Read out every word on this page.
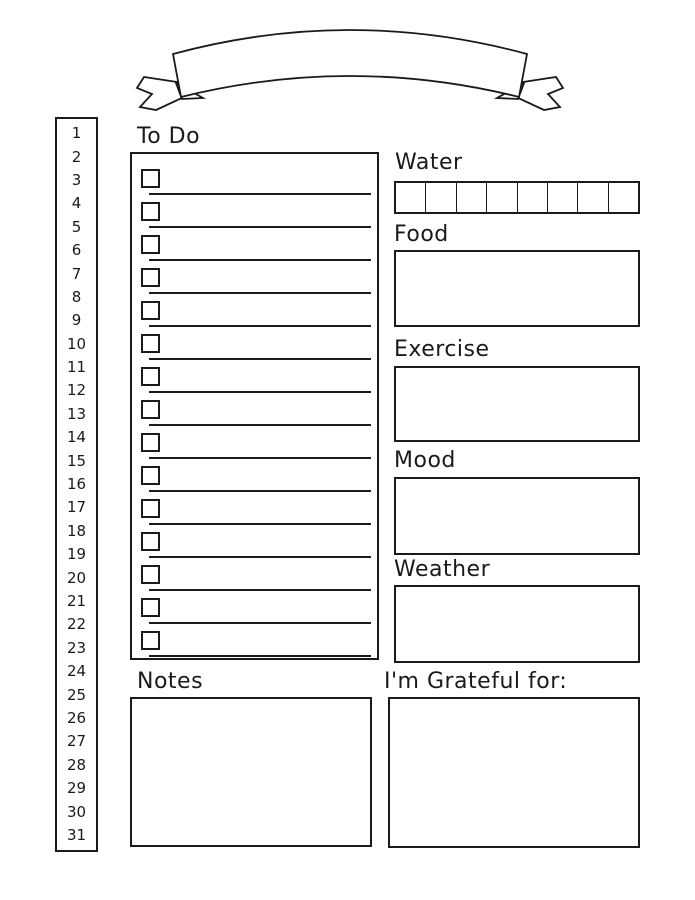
1
2
3
4
5
6
7
8
9
10
11
12
13
14
15
16
17
18
19
20
21
22
23
24
25
26
27
28
29
30
31
To Do
Water
Food
Exercise
Mood
Weather
Notes	I'm Grateful for:
